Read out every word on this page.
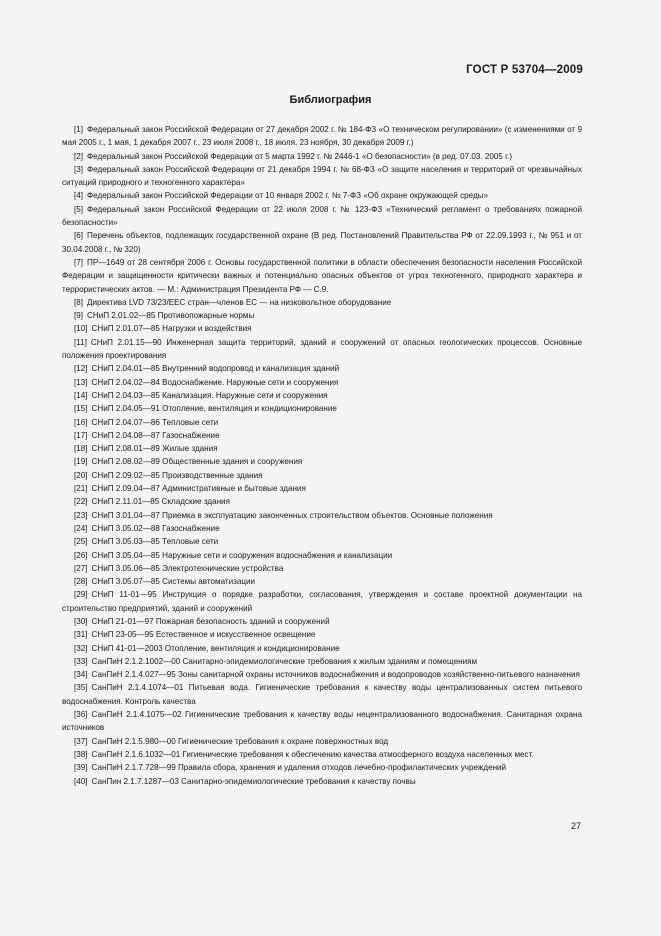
ГОСТ Р 53704—2009
Библиография

[1] Федеральный закон Российской Федерации от 27 декабря 2002 г. № 184-ФЗ «О техническом регулировании» (с изменениями от 9 мая 2005 г., 1 мая, 1 декабря 2007 г., 23 июля 2008 г., 18 июля, 23 ноября, 30 декабря 2009 г.)

[2] Федеральный закон Российской Федерации от 5 марта 1992 г. № 2446-1 «О безопасности» (в ред. 07.03. 2005 г.)

[3] Федеральный закон Российской Федерации от 21 декабря 1994 г. № 68-ФЗ «О защите населения и территорий от чрезвычайных ситуаций природного и техногенного характера»

[4] Федеральный закон Российской Федерации от 10 января 2002 г. № 7-ФЗ «Об охране окружающей среды»

[5] Федеральный закон Российской Федерации от 22 июля 2008 г. № 123-ФЗ «Технический регламент о требованиях пожарной безопасности»

[6] Перечень объектов, подлежащих государственной охране (В ред. Постановлений Правительства РФ от 22.09.1993 г., № 951 и от 30.04.2008 г., № 320)

[7] ПР—1649 от 28 сентября 2006 г. Основы государственной политики в области обеспечения безопасности населения Российской Федерации и защищенности критически важных и потенциально опасных объектов от угроз техногенного, природного характера и террористических актов. — М.: Администрация Президента РФ — С.9.

[8] Директива LVD 73/23/ЕЕС стран—членов ЕС — на низковольтное оборудование

[9] СНиП 2.01.02—85 Противопожарные нормы

[10] СНиП 2.01.07—85 Нагрузки и воздействия

[11] СНиП 2.01.15—90 Инженерная защита территорий, зданий и сооружений от опасных геологических процессов. Основные положения проектирования

[12] СНиП 2.04.01—85 Внутренний водопровод и канализация зданий

[13] СНиП 2.04.02—84 Водоснабжение. Наружные сети и сооружения

[14] СНиП 2.04.03—85 Канализация. Наружные сети и сооружения

[15] СНиП 2.04.05—91 Отопление, вентиляция и кондиционирование

[16] СНиП 2.04.07—86 Тепловые сети

[17] СНиП 2.04.08—87 Газоснабжение

[18] СНиП 2.08.01—89 Жилые здания

[19] СНиП 2.08.02—89 Общественные здания и сооружения

[20] СНиП 2.09.02—85 Производственные здания

[21] СНиП 2.09.04—87 Административные и бытовые здания

[22] СНиП 2.11.01—85 Складские здания

[23] СНиП 3.01.04—87 Приемка в эксплуатацию законченных строительством объектов. Основные положения

[24] СНиП 3.05.02—88 Газоснабжение

[25] СНиП 3.05.03—85 Тепловые сети

[26] СНиП 3.05.04—85 Наружные сети и сооружения водоснабжения и канализации

[27] СНиП 3.05.06—85 Электротехнические устройства

[28] СНиП 3.05.07—85 Системы автоматизации

[29] СНиП 11-01—95 Инструкция о порядке разработки, согласования, утверждения и составе проектной документации на строительство предприятий, зданий и сооружений

[30] СНиП 21-01—97 Пожарная безопасность зданий и сооружений

[31] СНиП 23-05—95 Естественное и искусственное освещение

[32] СНиП 41-01—2003 Отопление, вентиляция и кондиционирование

[33] СанПиН 2.1.2.1002—00 Санитарно-эпидемиологические требования к жилым зданиям и помещениям

[34] СанПиН 2.1.4.027—95 Зоны санитарной охраны источников водоснабжения и водопроводов хозяйственно-питьевого назначения

[35] СанПиН 2.1.4.1074—01 Питьевая вода. Гигиенические требования к качеству воды централизованных систем питьевого водоснабжения. Контроль качества

[36] СанПиН 2.1.4.1075—02 Гигиенические требования к качеству воды нецентрализованного водоснабжения. Санитарная охрана источников

[37] СанПиН 2.1.5.980—00 Гигиенические требования к охране поверхностных вод

[38] СанПиН 2.1.6.1032—01 Гигиенические требования к обеспечению качества атмосферного воздуха населенных мест.

[39] СанПиН 2.1.7.728—99 Правила сбора, хранения и удаления отходов лечебно-профилактических учреждений

[40] СанПин 2.1.7.1287—03 Санитарно-эпидемиологические требования к качеству почвы

27
